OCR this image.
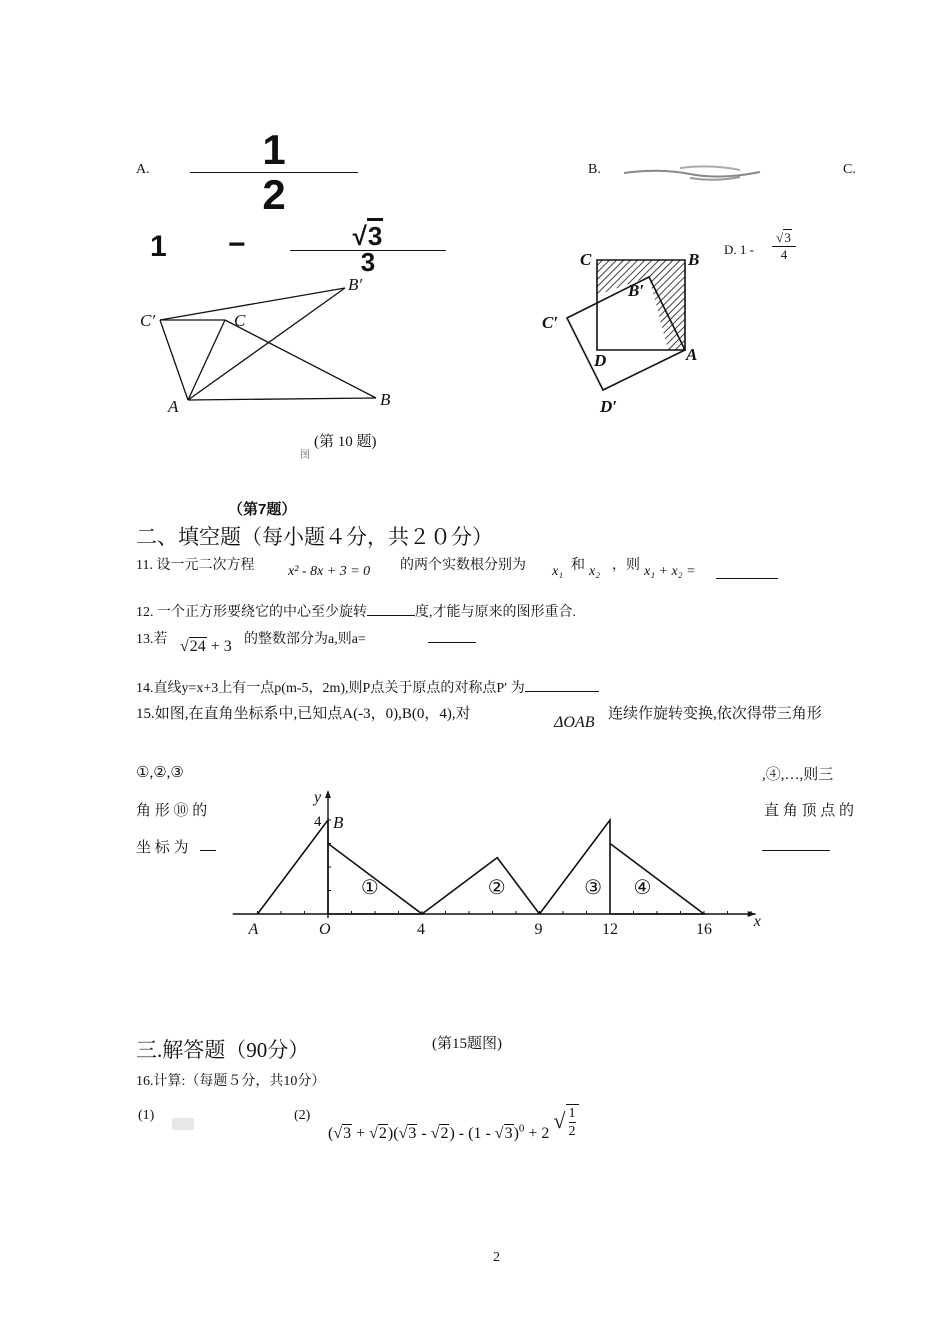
A.	1
2
B.	C.
1 −	√3
3	D. 1 -
√3
4
C′	C
B′
A	B
(第 10 题)
图
C	B
B′
C′
D	A
D′
（第7题）
二、填空题（每小题４分，共２０分）
11. 设一元二次方程 x² - 8x + 3 = 0 的两个实数根分别为 x₁ 和 x₂ ，则 x₁ + x₂ =
12. 一个正方形要绕它的中心至少旋转	度,才能与原来的图形重合.
13.若 √24 + 3 的整数部分为a,则a=
14.直线y=x+3上有一点p(m-5，2m),则P点关于原点的对称点P′ 为
15.如图,在直角坐标系中,已知点A(-3，0),B(0，4),对	ΔOAB 连续作旋转变换,依次得带三角形
①,②,③	,④,…,则三
角 形 ⑩ 的	直 角 顶 点 的
坐 标 为
A	O	4	9	12	16
4 B
x
y
①	②	③ ④
(第15题图)
三.解答题（90分）
16.计算:（每题５分，共10分）
(1)	(2)
(√3 + √2)(√3 - √2) - (1 - √3)$^0$ + 2 √ $\frac{1}{2}$
2
